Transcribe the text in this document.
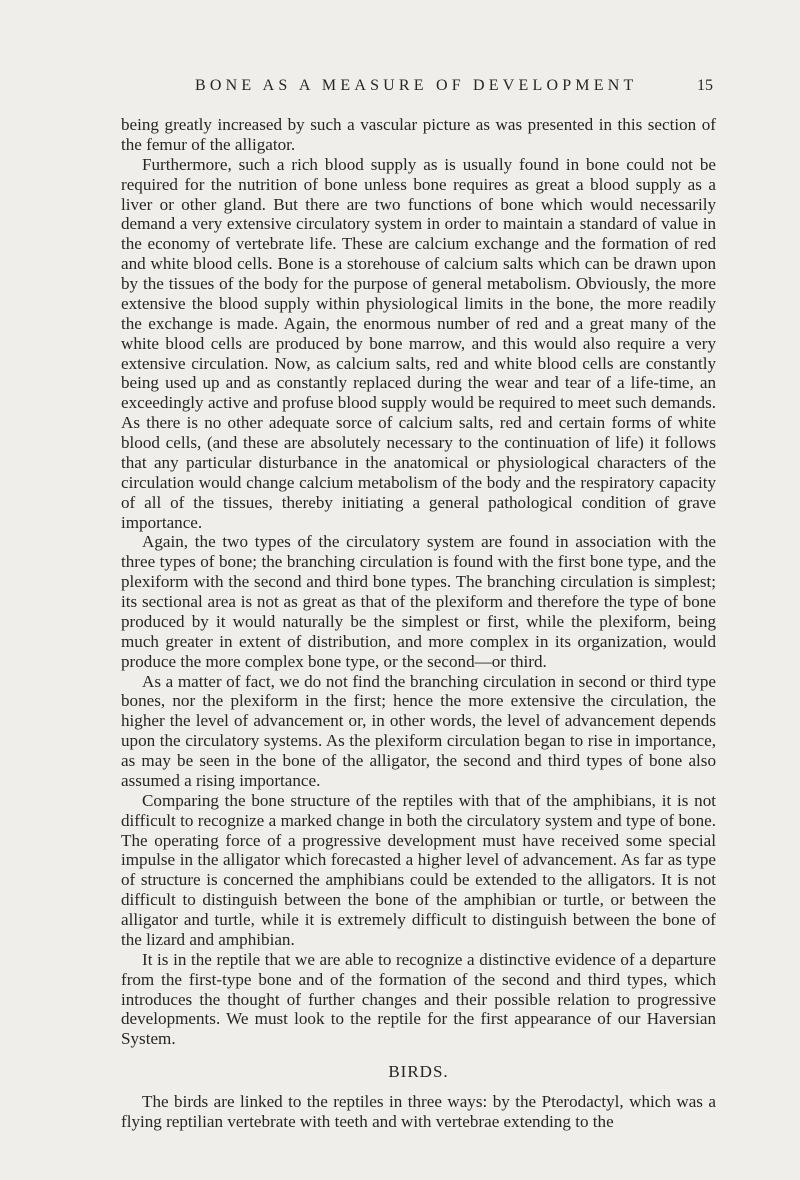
BONE AS A MEASURE OF DEVELOPMENT	15

being greatly increased by such a vascular picture as was presented in this section of the femur of the alligator.

Furthermore, such a rich blood supply as is usually found in bone could not be required for the nutrition of bone unless bone requires as great a blood supply as a liver or other gland. But there are two functions of bone which would necessarily demand a very extensive circulatory system in order to maintain a standard of value in the economy of vertebrate life. These are calcium exchange and the formation of red and white blood cells. Bone is a storehouse of calcium salts which can be drawn upon by the tissues of the body for the purpose of general metabolism. Obviously, the more extensive the blood supply within physiological limits in the bone, the more readily the exchange is made. Again, the enormous number of red and a great many of the white blood cells are produced by bone marrow, and this would also require a very extensive circulation. Now, as calcium salts, red and white blood cells are constantly being used up and as constantly replaced during the wear and tear of a life-time, an exceedingly active and profuse blood supply would be required to meet such demands. As there is no other adequate sorce of calcium salts, red and certain forms of white blood cells, (and these are absolutely necessary to the continuation of life) it follows that any particular disturbance in the anatomical or physiological characters of the circulation would change calcium metabolism of the body and the respiratory capacity of all of the tissues, thereby initiating a general pathological condition of grave importance.

Again, the two types of the circulatory system are found in association with the three types of bone; the branching circulation is found with the first bone type, and the plexiform with the second and third bone types. The branching circulation is simplest; its sectional area is not as great as that of the plexiform and therefore the type of bone produced by it would naturally be the simplest or first, while the plexiform, being much greater in extent of distribution, and more complex in its organization, would produce the more complex bone type, or the second—or third.

As a matter of fact, we do not find the branching circulation in second or third type bones, nor the plexiform in the first; hence the more extensive the circulation, the higher the level of advancement or, in other words, the level of advancement depends upon the circulatory systems. As the plexiform circulation began to rise in importance, as may be seen in the bone of the alligator, the second and third types of bone also assumed a rising importance.

Comparing the bone structure of the reptiles with that of the amphibians, it is not difficult to recognize a marked change in both the circulatory system and type of bone. The operating force of a progressive development must have received some special impulse in the alligator which forecasted a higher level of advancement. As far as type of structure is concerned the amphibians could be extended to the alligators. It is not difficult to distinguish between the bone of the amphibian or turtle, or between the alligator and turtle, while it is extremely difficult to distinguish between the bone of the lizard and amphibian.

It is in the reptile that we are able to recognize a distinctive evidence of a departure from the first-type bone and of the formation of the second and third types, which introduces the thought of further changes and their possible relation to progressive developments. We must look to the reptile for the first appearance of our Haversian System.

BIRDS.

The birds are linked to the reptiles in three ways: by the Pterodactyl, which was a flying reptilian vertebrate with teeth and with vertebrae extending to the
